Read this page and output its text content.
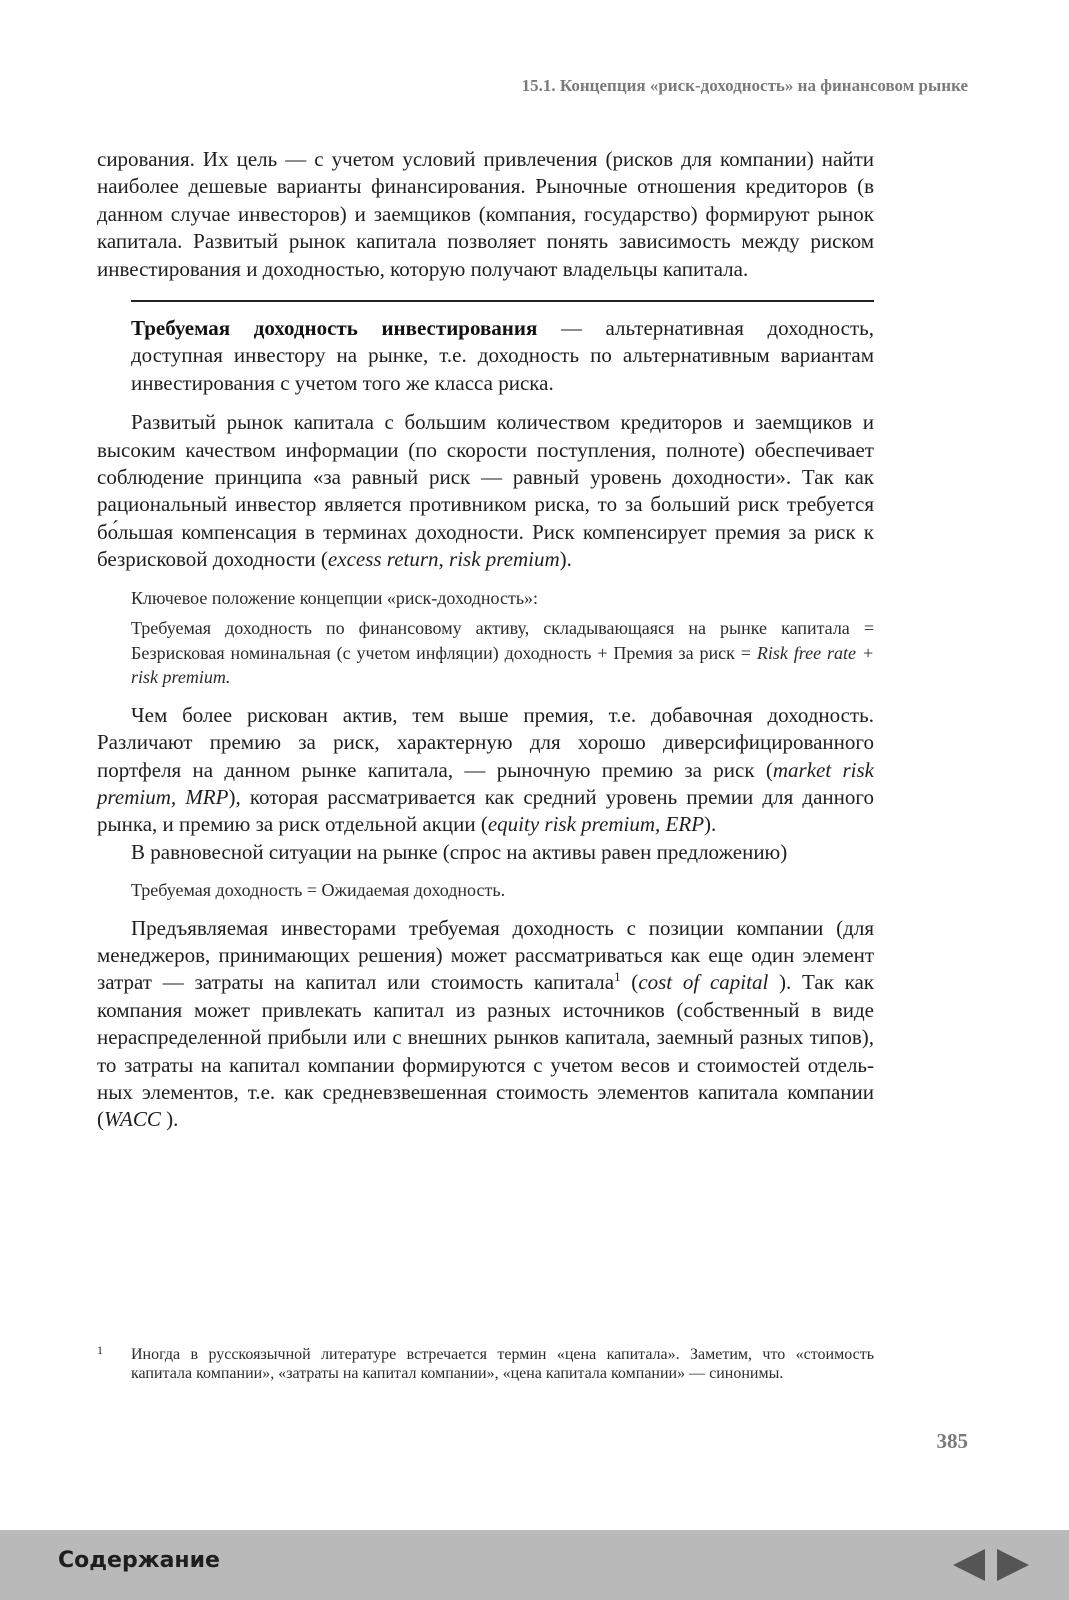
15.1. Концепция «риск-доходность» на финансовом рынке

сирования. Их цель — с учетом условий привлечения (рисков для компании) найти наиболее дешевые варианты финансирования. Рыночные отношения кредиторов (в данном случае инвесторов) и заемщиков (компания, государство) формируют рынок капитала. Развитый рынок капитала позволяет понять зависимость между риском инвестирования и доходностью, которую получают владельцы капитала.

Требуемая доходность инвестирования — альтернативная доходность, доступная инвестору на рынке, т.е. доходность по альтернативным вариантам инвестирования с учетом того же класса риска.

Развитый рынок капитала с большим количеством кредиторов и заемщиков и высоким качеством информации (по скорости поступления, полноте) обеспечивает соблюдение принципа «за равный риск — равный уровень доходности». Так как рациональный инвестор является противником риска, то за больший риск требуется бо́льшая компенсация в терминах доходности. Риск компенсирует премия за риск к безрисковой доходности (excess return, risk premium).

Ключевое положение концепции «риск-доходность»:

Требуемая доходность по финансовому активу, складывающаяся на рынке капитала = Безрисковая номинальная (с учетом инфляции) доходность + Премия за риск = Risk free rate + risk premium.

Чем более рискован актив, тем выше премия, т.е. добавочная доходность. Различают премию за риск, характерную для хорошо диверсифицированного портфеля на данном рынке капитала, — рыночную премию за риск (market risk premium, MRP), которая рассматривается как средний уровень премии для данного рынка, и премию за риск отдельной акции (equity risk premium, ERP).

В равновесной ситуации на рынке (спрос на активы равен предложению)

Требуемая доходность = Ожидаемая доходность.

Предъявляемая инвесторами требуемая доходность с позиции компании (для менеджеров, принимающих решения) может рассматриваться как еще один элемент затрат — затраты на капитал или стоимость капитала$^1$ (cost of capital ). Так как компания может привлекать капитал из разных источников (собственный в виде нераспределенной прибыли или с внешних рынков капитала, заемный разных типов), то затраты на капитал компании формируются с учетом весов и стоимостей отдельных элементов, т.е. как средневзвешенная стоимость элементов капитала компании (WACC ).

1 Иногда в русскоязычной литературе встречается термин «цена капитала». Заметим, что «стоимость капитала компании», «затраты на капитал компании», «цена капитала компании» — синонимы.
385
Содержание
